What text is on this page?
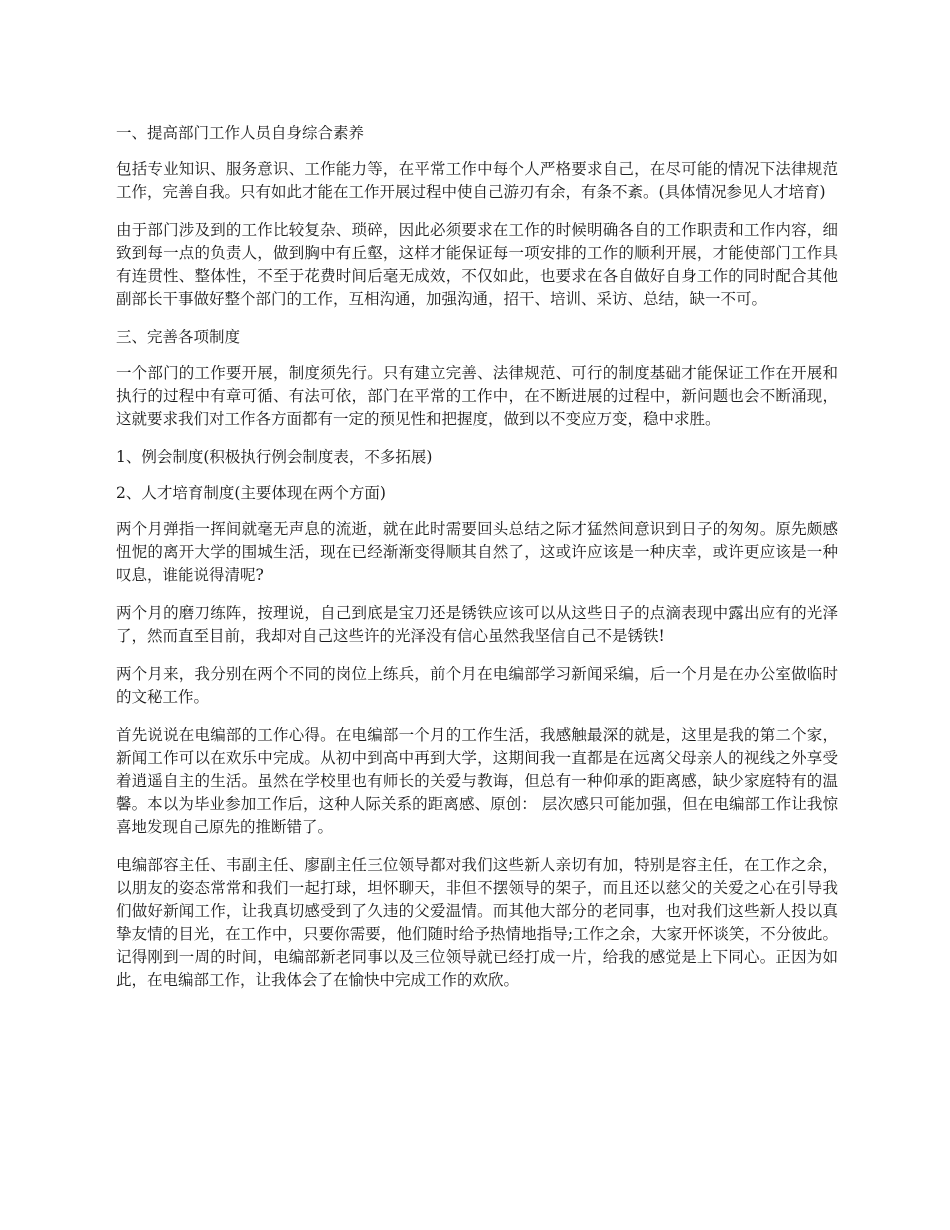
一、提高部门工作人员自身综合素养

包括专业知识、服务意识、工作能力等，在平常工作中每个人严格要求自己，在尽可能的情况下法律规范工作，完善自我。只有如此才能在工作开展过程中使自己游刃有余，有条不紊。(具体情况参见人才培育)

由于部门涉及到的工作比较复杂、琐碎，因此必须要求在工作的时候明确各自的工作职责和工作内容，细致到每一点的负责人，做到胸中有丘壑，这样才能保证每一项安排的工作的顺利开展，才能使部门工作具有连贯性、整体性，不至于花费时间后毫无成效，不仅如此，也要求在各自做好自身工作的同时配合其他副部长干事做好整个部门的工作，互相沟通，加强沟通，招干、培训、采访、总结，缺一不可。

三、完善各项制度

一个部门的工作要开展，制度须先行。只有建立完善、法律规范、可行的制度基础才能保证工作在开展和执行的过程中有章可循、有法可依，部门在平常的工作中，在不断进展的过程中，新问题也会不断涌现，这就要求我们对工作各方面都有一定的预见性和把握度，做到以不变应万变，稳中求胜。

1、例会制度(积极执行例会制度表，不多拓展)

2、人才培育制度(主要体现在两个方面)

两个月弹指一挥间就毫无声息的流逝，就在此时需要回头总结之际才猛然间意识到日子的匆匆。原先颇感忸怩的离开大学的围城生活，现在已经渐渐变得顺其自然了，这或许应该是一种庆幸，或许更应该是一种叹息，谁能说得清呢?

两个月的磨刀练阵，按理说，自己到底是宝刀还是锈铁应该可以从这些日子的点滴表现中露出应有的光泽了，然而直至目前，我却对自己这些许的光泽没有信心虽然我坚信自己不是锈铁!

两个月来，我分别在两个不同的岗位上练兵，前个月在电编部学习新闻采编，后一个月是在办公室做临时的文秘工作。

首先说说在电编部的工作心得。在电编部一个月的工作生活，我感触最深的就是，这里是我的第二个家，新闻工作可以在欢乐中完成。从初中到高中再到大学，这期间我一直都是在远离父母亲人的视线之外享受着逍遥自主的生活。虽然在学校里也有师长的关爱与教诲，但总有一种仰承的距离感，缺少家庭特有的温馨。本以为毕业参加工作后，这种人际关系的距离感、原创： 层次感只可能加强，但在电编部工作让我惊喜地发现自己原先的推断错了。

电编部容主任、韦副主任、廖副主任三位领导都对我们这些新人亲切有加，特别是容主任，在工作之余，以朋友的姿态常常和我们一起打球，坦怀聊天，非但不摆领导的架子，而且还以慈父的关爱之心在引导我们做好新闻工作，让我真切感受到了久违的父爱温情。而其他大部分的老同事，也对我们这些新人投以真挚友情的目光，在工作中，只要你需要，他们随时给予热情地指导;工作之余，大家开怀谈笑，不分彼此。记得刚到一周的时间，电编部新老同事以及三位领导就已经打成一片，给我的感觉是上下同心。正因为如此，在电编部工作，让我体会了在愉快中完成工作的欢欣。
